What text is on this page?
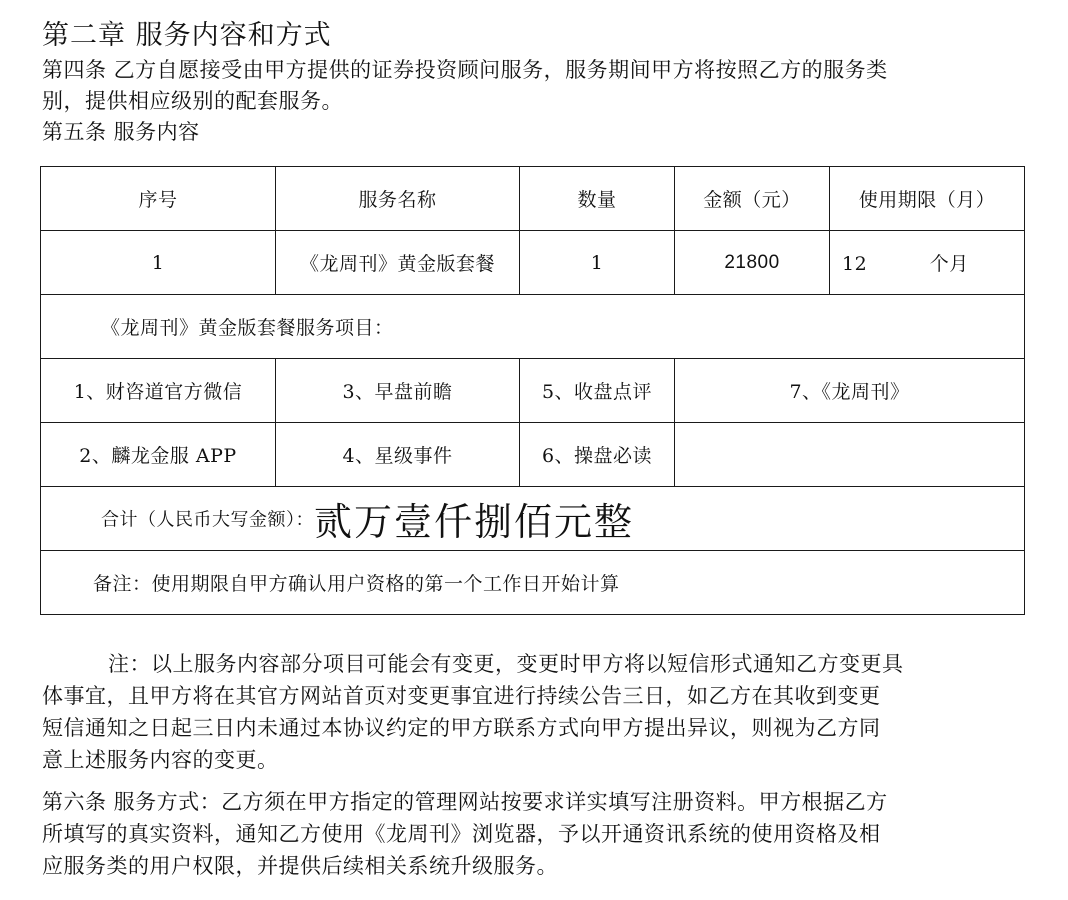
第二章 服务内容和方式
第四条 乙方自愿接受由甲方提供的证券投资顾问服务，服务期间甲方将按照乙方的服务类
别，提供相应级别的配套服务。
第五条 服务内容
序号	服务名称	数量	金额（元）	使用期限（月）
1	《龙周刊》黄金版套餐	1	21800	12 个月
《龙周刊》黄金版套餐服务项目：				
1、财咨道官方微信	3、早盘前瞻	5、收盘点评	7、《龙周刊》	
2、麟龙金服 APP	4、星级事件	6、操盘必读		
合计（人民币大写金额）：贰万壹仟捌佰元整				
备注：使用期限自甲方确认用户资格的第一个工作日开始计算				
注：以上服务内容部分项目可能会有变更，变更时甲方将以短信形式通知乙方变更具
体事宜，且甲方将在其官方网站首页对变更事宜进行持续公告三日，如乙方在其收到变更
短信通知之日起三日内未通过本协议约定的甲方联系方式向甲方提出异议，则视为乙方同
意上述服务内容的变更。
第六条 服务方式：乙方须在甲方指定的管理网站按要求详实填写注册资料。甲方根据乙方
所填写的真实资料，通知乙方使用《龙周刊》浏览器，予以开通资讯系统的使用资格及相
应服务类的用户权限，并提供后续相关系统升级服务。
